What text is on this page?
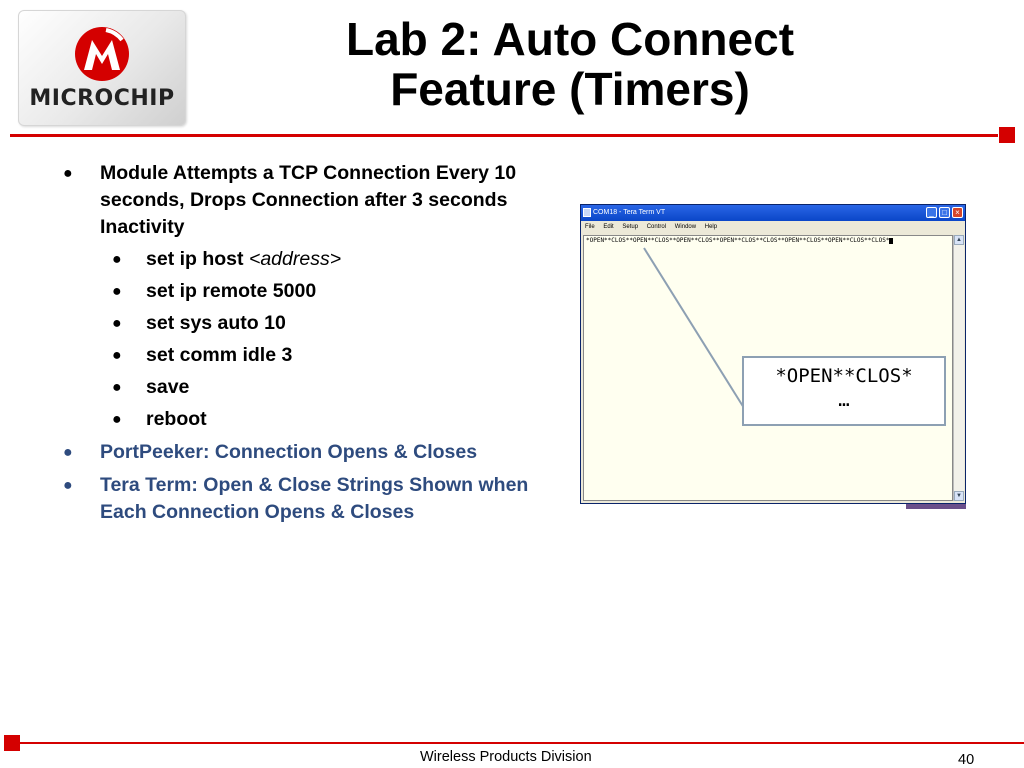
MICROCHIP
Lab 2: Auto Connect
Feature (Timers)
● Module Attempts a TCP Connection Every 10 seconds, Drops Connection after 3 seconds Inactivity
● set ip host <address>
● set ip remote 5000
● set sys auto 10
● set comm idle 3
● save
● reboot
● PortPeeker: Connection Opens & Closes
● Tera Term: Open & Close Strings Shown when Each Connection Opens & Closes
COM18 - Tera Term VT	_	□	×
File Edit Setup Control Window Help
*OPEN**CLOS**OPEN**CLOS**OPEN**CLOS**OPEN**CLOS**CLOS**OPEN**CLOS**OPEN**CLOS**CLOS*	▲
▼
*OPEN**CLOS*
…
Wireless Products Division	40
